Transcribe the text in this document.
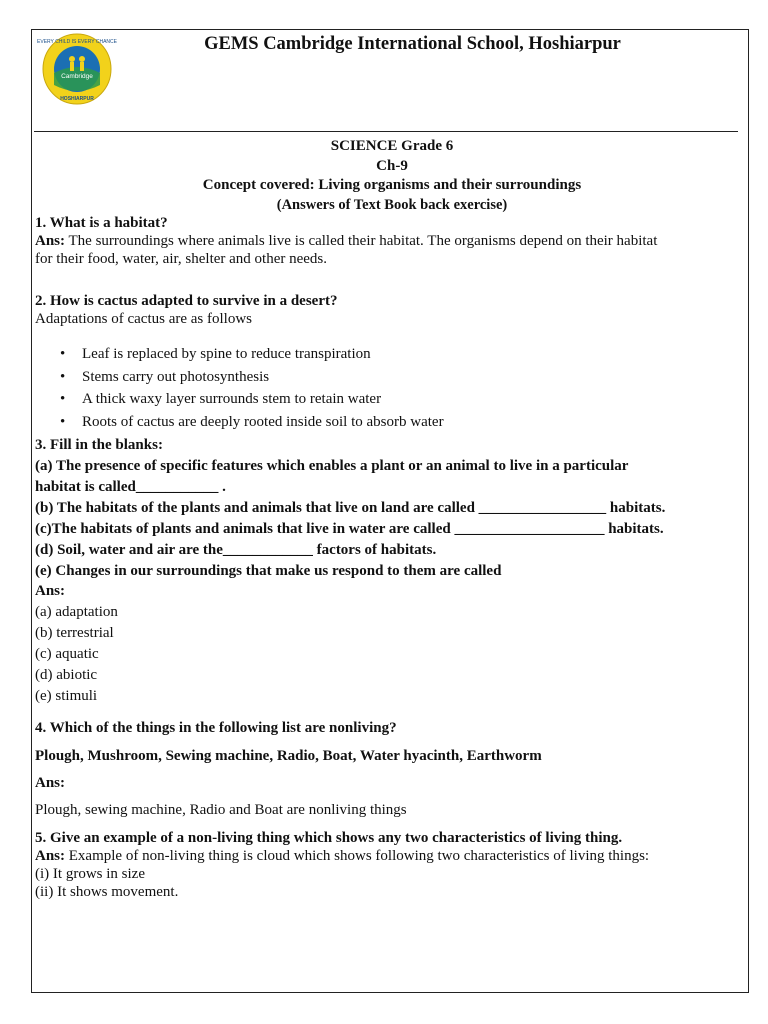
Cambridge
EVERY CHILD IS EVERY CHANCE
HOSHIARPUR
GEMS Cambridge International School, Hoshiarpur
SCIENCE Grade 6
Ch-9
Concept covered: Living organisms and their surroundings
(Answers of Text Book back exercise)
1. What is a habitat?
Ans: The surroundings where animals live is called their habitat. The organisms depend on their habitat
for their food, water, air, shelter and other needs.
2. How is cactus adapted to survive in a desert?
Adaptations of cactus are as follows
• Leaf is replaced by spine to reduce transpiration
• Stems carry out photosynthesis
• A thick waxy layer surrounds stem to retain water
• Roots of cactus are deeply rooted inside soil to absorb water
3. Fill in the blanks:
(a) The presence of specific features which enables a plant or an animal to live in a particular
habitat is called___________ .
(b) The habitats of the plants and animals that live on land are called _________________ habitats.
(c)The habitats of plants and animals that live in water are called ____________________ habitats.
(d) Soil, water and air are the____________ factors of habitats.
(e) Changes in our surroundings that make us respond to them are called
Ans:
(a) adaptation
(b) terrestrial
(c) aquatic
(d) abiotic
(e) stimuli
4. Which of the things in the following list are nonliving?
Plough, Mushroom, Sewing machine, Radio, Boat, Water hyacinth, Earthworm
Ans:
Plough, sewing machine, Radio and Boat are nonliving things
5. Give an example of a non-living thing which shows any two characteristics of living thing.
Ans: Example of non-living thing is cloud which shows following two characteristics of living things:
(i) It grows in size
(ii) It shows movement.
